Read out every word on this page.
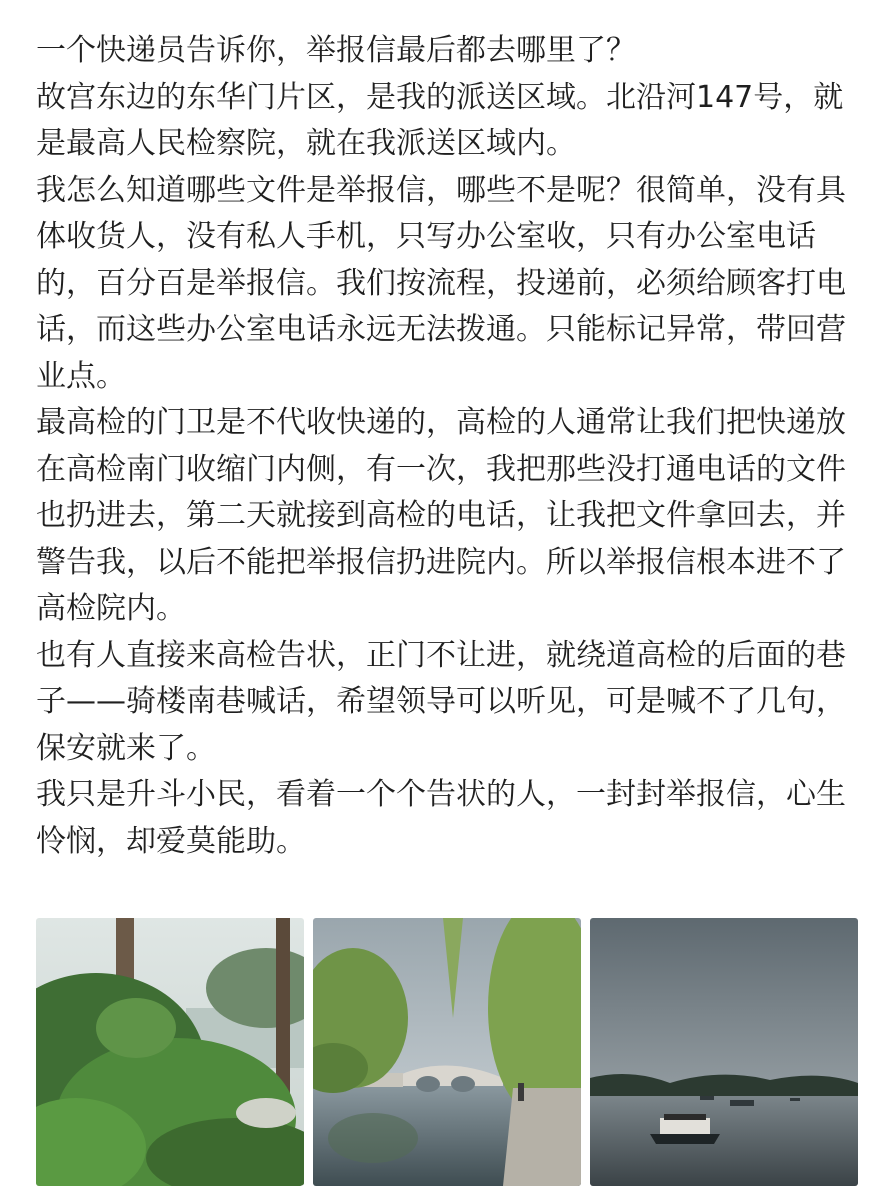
一个快递员告诉你，举报信最后都去哪里了？

故宫东边的东华门片区，是我的派送区域。北沿河147号，就是最高人民检察院，就在我派送区域内。

我怎么知道哪些文件是举报信，哪些不是呢？很简单，没有具体收货人，没有私人手机，只写办公室收，只有办公室电话的，百分百是举报信。我们按流程，投递前，必须给顾客打电话，而这些办公室电话永远无法拨通。只能标记异常，带回营业点。

最高检的门卫是不代收快递的，高检的人通常让我们把快递放在高检南门收缩门内侧，有一次，我把那些没打通电话的文件也扔进去，第二天就接到高检的电话，让我把文件拿回去，并警告我，以后不能把举报信扔进院内。所以举报信根本进不了高检院内。

也有人直接来高检告状，正门不让进，就绕道高检的后面的巷子——骑楼南巷喊话，希望领导可以听见，可是喊不了几句，保安就来了。

我只是升斗小民，看着一个个告状的人，一封封举报信，心生怜悯，却爱莫能助。
